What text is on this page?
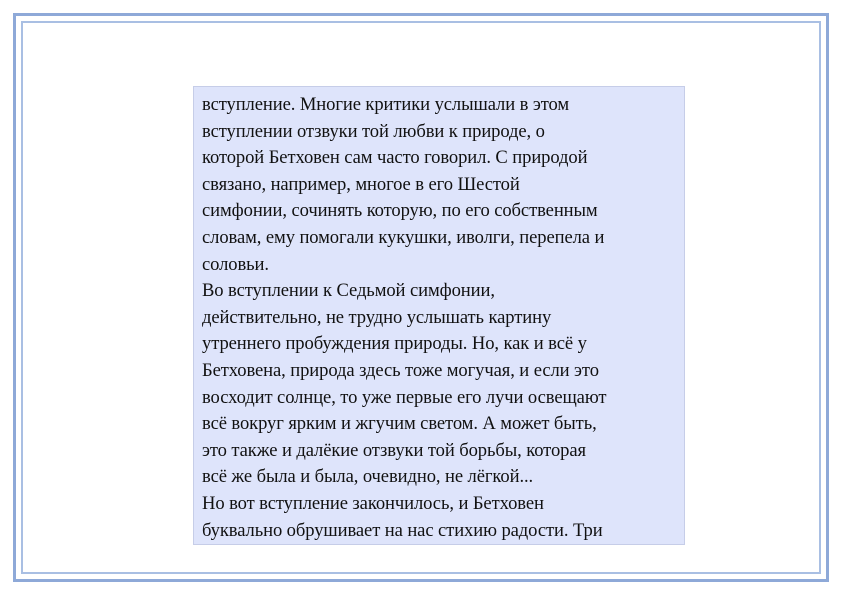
вступление. Многие критики услышали в этом
вступлении отзвуки той любви к природе, о
которой Бетховен сам часто говорил. С природой
связано, например, многое в его Шестой
симфонии, сочинять которую, по его собственным
словам, ему помогали кукушки, иволги, перепела и
соловьи.
Во вступлении к Седьмой симфонии,
действительно, не трудно услышать картину
утреннего пробуждения природы. Но, как и всё у
Бетховена, природа здесь тоже могучая, и если это
восходит солнце, то уже первые его лучи освещают
всё вокруг ярким и жгучим светом. А может быть,
это также и далёкие отзвуки той борьбы, которая
всё же была и была, очевидно, не лёгкой...
Но вот вступление закончилось, и Бетховен
буквально обрушивает на нас стихию радости. Три
